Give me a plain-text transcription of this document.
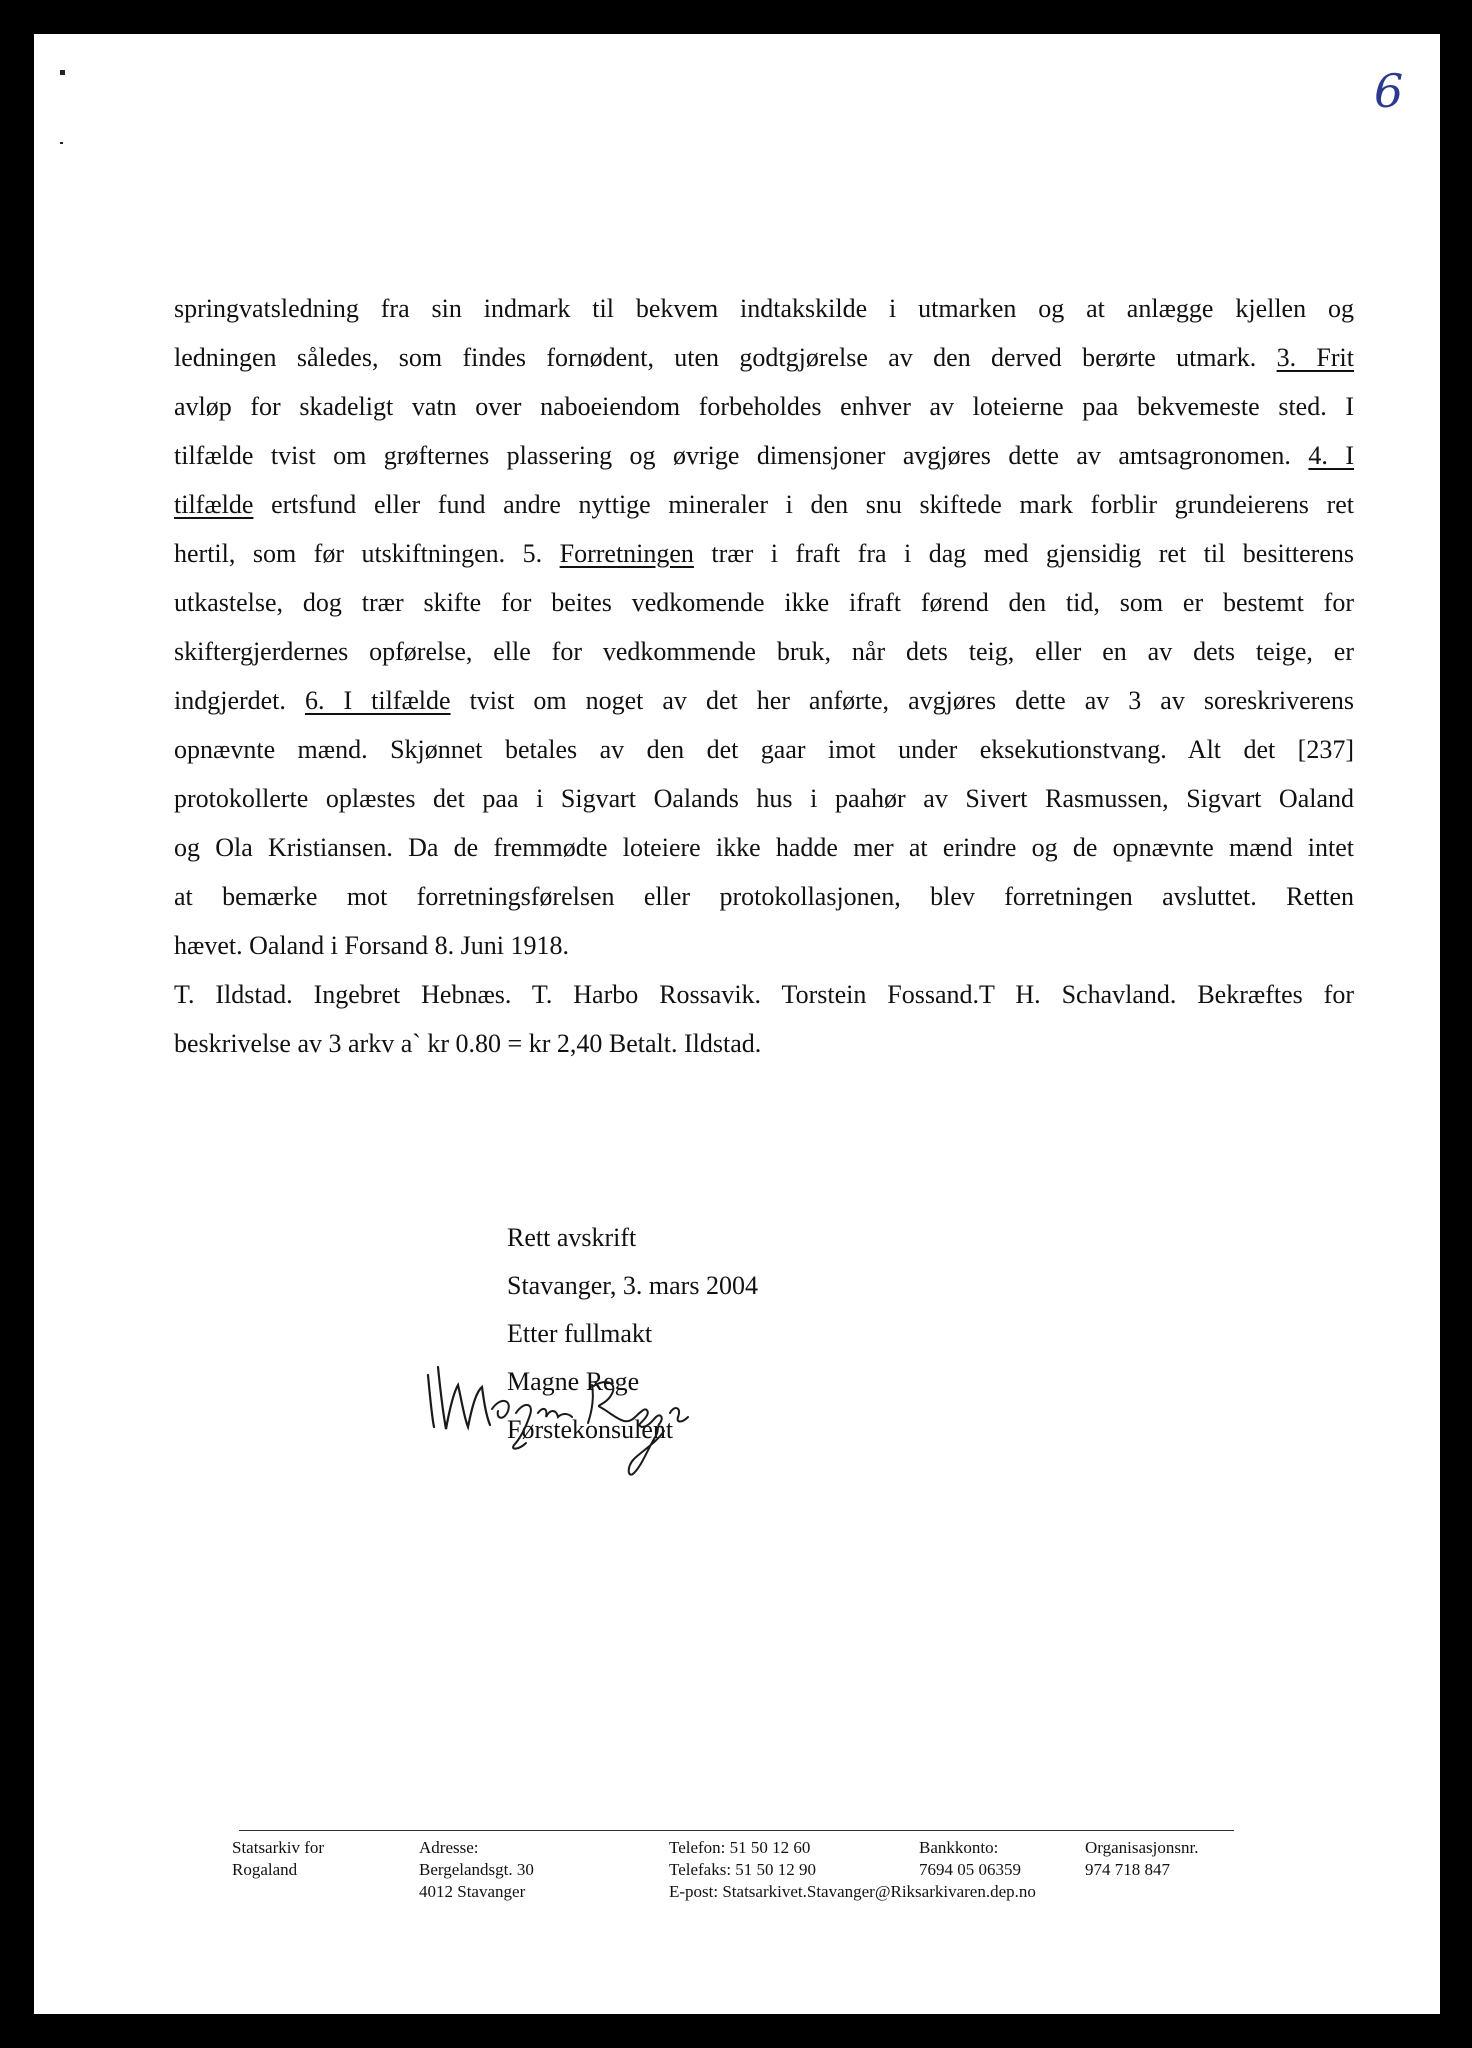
6
springvatsledning fra sin indmark til bekvem indtakskilde i utmarken og at anlægge kjellen og
ledningen således, som findes fornødent, uten godtgjørelse av den derved berørte utmark. 3. Frit
avløp for skadeligt vatn over naboeiendom forbeholdes enhver av loteierne paa bekvemeste sted. I
tilfælde tvist om grøfternes plassering og øvrige dimensjoner avgjøres dette av amtsagronomen. 4. I
tilfælde ertsfund eller fund andre nyttige mineraler i den snu skiftede mark forblir grundeierens ret
hertil, som før utskiftningen. 5. Forretningen trær i fraft fra i dag med gjensidig ret til besitterens
utkastelse, dog trær skifte for beites vedkomende ikke ifraft førend den tid, som er bestemt for
skiftergjerdernes opførelse, elle for vedkommende bruk, når dets teig, eller en av dets teige, er
indgjerdet. 6. I tilfælde tvist om noget av det her anførte, avgjøres dette av 3 av soreskriverens
opnævnte mænd. Skjønnet betales av den det gaar imot under eksekutionstvang. Alt det [237]
protokollerte oplæstes det paa i Sigvart Oalands hus i paahør av Sivert Rasmussen, Sigvart Oaland
og Ola Kristiansen. Da de fremmødte loteiere ikke hadde mer at erindre og de opnævnte mænd intet
at bemærke mot forretningsførelsen eller protokollasjonen, blev forretningen avsluttet. Retten
hævet. Oaland i Forsand 8. Juni 1918.
T. Ildstad. Ingebret Hebnæs. T. Harbo Rossavik. Torstein Fossand.T H. Schavland. Bekræftes for
beskrivelse av 3 arkv a` kr 0.80 = kr 2,40 Betalt. Ildstad.
Rett avskrift
Stavanger, 3. mars 2004
Etter fullmakt
Magne Rege
Førstekonsulent
Statsarkiv for
Rogaland
Adresse:
Bergelandsgt. 30
4012 Stavanger
Telefon: 51 50 12 60
Telefaks: 51 50 12 90
E-post: Statsarkivet.Stavanger@Riksarkivaren.dep.no
Bankkonto:
7694 05 06359
Organisasjonsnr.
974 718 847
